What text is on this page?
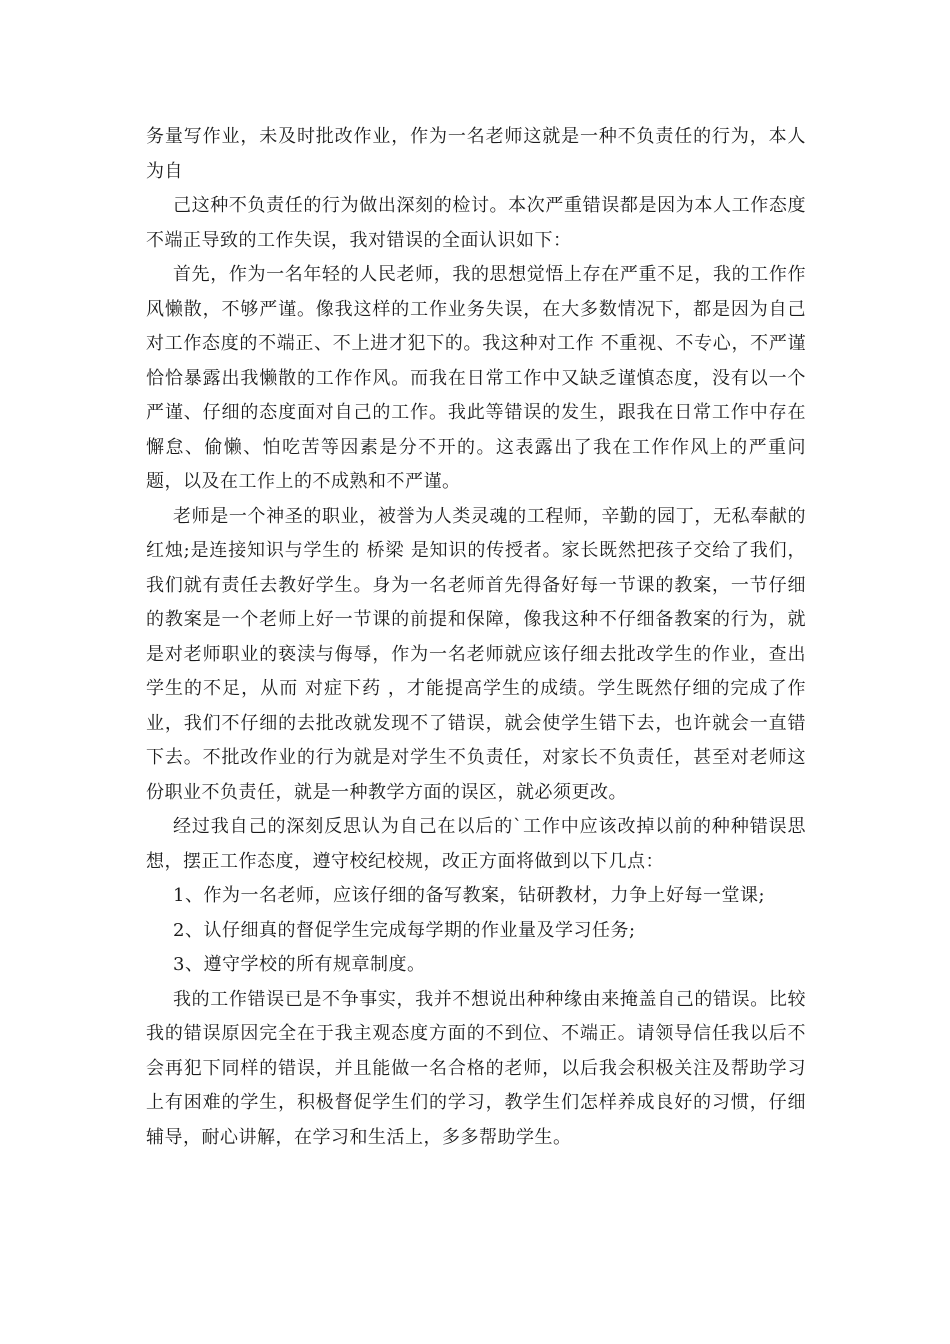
务量写作业，未及时批改作业，作为一名老师这就是一种不负责任的行为，本人为自

己这种不负责任的行为做出深刻的检讨。本次严重错误都是因为本人工作态度不端正导致的工作失误，我对错误的全面认识如下：

首先，作为一名年轻的人民老师，我的思想觉悟上存在严重不足，我的工作作风懒散，不够严谨。像我这样的工作业务失误，在大多数情况下，都是因为自己对工作态度的不端正、不上进才犯下的。我这种对工作 不重视、不专心，不严谨 恰恰暴露出我懒散的工作作风。而我在日常工作中又缺乏谨慎态度，没有以一个严谨、仔细的态度面对自己的工作。我此等错误的发生，跟我在日常工作中存在懈怠、偷懒、怕吃苦等因素是分不开的。这表露出了我在工作作风上的严重问题，以及在工作上的不成熟和不严谨。

老师是一个神圣的职业，被誉为人类灵魂的工程师，辛勤的园丁，无私奉献的红烛;是连接知识与学生的 桥梁 是知识的传授者。家长既然把孩子交给了我们，我们就有责任去教好学生。身为一名老师首先得备好每一节课的教案，一节仔细的教案是一个老师上好一节课的前提和保障，像我这种不仔细备教案的行为，就是对老师职业的亵渎与侮辱，作为一名老师就应该仔细去批改学生的作业，查出学生的不足，从而 对症下药 ，才能提高学生的成绩。学生既然仔细的完成了作业，我们不仔细的去批改就发现不了错误，就会使学生错下去，也许就会一直错下去。不批改作业的行为就是对学生不负责任，对家长不负责任，甚至对老师这份职业不负责任，就是一种教学方面的误区，就必须更改。

经过我自己的深刻反思认为自己在以后的`工作中应该改掉以前的种种错误思想，摆正工作态度，遵守校纪校规，改正方面将做到以下几点：

1、作为一名老师，应该仔细的备写教案，钻研教材，力争上好每一堂课;

2、认仔细真的督促学生完成每学期的作业量及学习任务;

3、遵守学校的所有规章制度。

我的工作错误已是不争事实，我并不想说出种种缘由来掩盖自己的错误。比较我的错误原因完全在于我主观态度方面的不到位、不端正。请领导信任我以后不会再犯下同样的错误，并且能做一名合格的老师，以后我会积极关注及帮助学习上有困难的学生，积极督促学生们的学习，教学生们怎样养成良好的习惯，仔细辅导，耐心讲解，在学习和生活上，多多帮助学生。
